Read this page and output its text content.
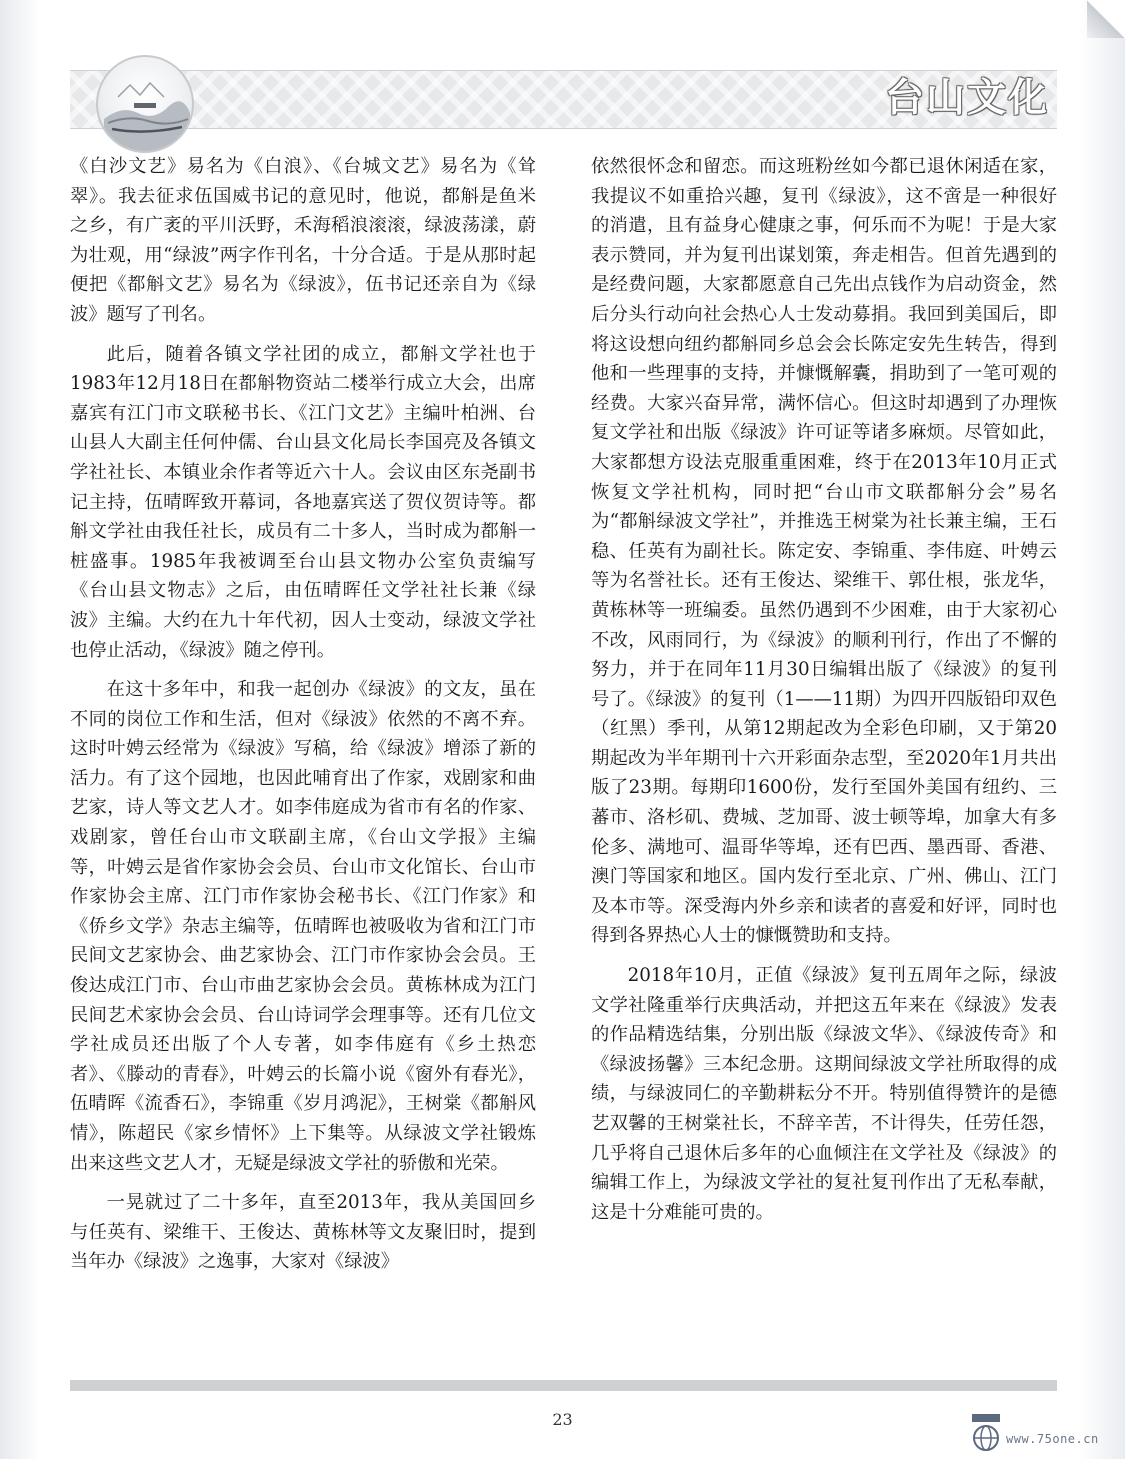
台山文化

《白沙文艺》易名为《白浪》、《台城文艺》易名为《耸翠》。我去征求伍国威书记的意见时，他说，都斛是鱼米之乡，有广袤的平川沃野，禾海稻浪滚滚，绿波荡漾，蔚为壮观，用“绿波”两字作刊名，十分合适。于是从那时起便把《都斛文艺》易名为《绿波》，伍书记还亲自为《绿波》题写了刊名。

此后，随着各镇文学社团的成立，都斛文学社也于1983年12月18日在都斛物资站二楼举行成立大会，出席嘉宾有江门市文联秘书长、《江门文艺》主编叶柏洲、台山县人大副主任何仲儒、台山县文化局长李国亮及各镇文学社社长、本镇业余作者等近六十人。会议由区东尧副书记主持，伍晴晖致开幕词，各地嘉宾送了贺仪贺诗等。都斛文学社由我任社长，成员有二十多人，当时成为都斛一桩盛事。1985年我被调至台山县文物办公室负责编写《台山县文物志》之后，由伍晴晖任文学社社长兼《绿波》主编。大约在九十年代初，因人士变动，绿波文学社也停止活动，《绿波》随之停刊。

在这十多年中，和我一起创办《绿波》的文友，虽在不同的岗位工作和生活，但对《绿波》依然的不离不弃。这时叶娉云经常为《绿波》写稿，给《绿波》增添了新的活力。有了这个园地，也因此哺育出了作家，戏剧家和曲艺家，诗人等文艺人才。如李伟庭成为省市有名的作家、戏剧家，曾任台山市文联副主席，《台山文学报》主编等，叶娉云是省作家协会会员、台山市文化馆长、台山市作家协会主席、江门市作家协会秘书长、《江门作家》和《侨乡文学》杂志主编等，伍晴晖也被吸收为省和江门市民间文艺家协会、曲艺家协会、江门市作家协会会员。王俊达成江门市、台山市曲艺家协会会员。黄栋林成为江门民间艺术家协会会员、台山诗词学会理事等。还有几位文学社成员还出版了个人专著，如李伟庭有《乡土热恋者》、《滕动的青春》，叶娉云的长篇小说《窗外有春光》，伍晴晖《流香石》，李锦重《岁月鸿泥》，王树棠《都斛风情》，陈超民《家乡情怀》上下集等。从绿波文学社锻炼出来这些文艺人才，无疑是绿波文学社的骄傲和光荣。

一晃就过了二十多年，直至2013年，我从美国回乡与任英有、梁维干、王俊达、黄栋林等文友聚旧时，提到当年办《绿波》之逸事，大家对《绿波》

依然很怀念和留恋。而这班粉丝如今都已退休闲适在家，我提议不如重拾兴趣，复刊《绿波》，这不啻是一种很好的消遣，且有益身心健康之事，何乐而不为呢！于是大家表示赞同，并为复刊出谋划策，奔走相告。但首先遇到的是经费问题，大家都愿意自己先出点钱作为启动资金，然后分头行动向社会热心人士发动募捐。我回到美国后，即将这设想向纽约都斛同乡总会会长陈定安先生转告，得到他和一些理事的支持，并慷慨解囊，捐助到了一笔可观的经费。大家兴奋异常，满怀信心。但这时却遇到了办理恢复文学社和出版《绿波》许可证等诸多麻烦。尽管如此，大家都想方设法克服重重困难，终于在2013年10月正式恢复文学社机构，同时把“台山市文联都斛分会”易名为“都斛绿波文学社”，并推选王树棠为社长兼主编，王石稳、任英有为副社长。陈定安、李锦重、李伟庭、叶娉云等为名誉社长。还有王俊达、梁维干、郭仕根，张龙华，黄栋林等一班编委。虽然仍遇到不少困难，由于大家初心不改，风雨同行，为《绿波》的顺利刊行，作出了不懈的努力，并于在同年11月30日编辑出版了《绿波》的复刊号了。《绿波》的复刊（1——11期）为四开四版铅印双色（红黑）季刊，从第12期起改为全彩色印刷，又于第20期起改为半年期刊十六开彩面杂志型，至2020年1月共出版了23期。每期印1600份，发行至国外美国有纽约、三蕃市、洛杉矶、费城、芝加哥、波士顿等埠，加拿大有多伦多、满地可、温哥华等埠，还有巴西、墨西哥、香港、澳门等国家和地区。国内发行至北京、广州、佛山、江门及本市等。深受海内外乡亲和读者的喜爱和好评，同时也得到各界热心人士的慷慨赞助和支持。

2018年10月，正值《绿波》复刊五周年之际，绿波文学社隆重举行庆典活动，并把这五年来在《绿波》发表的作品精选结集，分别出版《绿波文华》、《绿波传奇》和《绿波扬馨》三本纪念册。这期间绿波文学社所取得的成绩，与绿波同仁的辛勤耕耘分不开。特别值得赞许的是德艺双馨的王树棠社长，不辞辛苦，不计得失，任劳任怨，几乎将自己退休后多年的心血倾注在文学社及《绿波》的编辑工作上，为绿波文学社的复社复刊作出了无私奉献，这是十分难能可贵的。

23
www.75one.cn
